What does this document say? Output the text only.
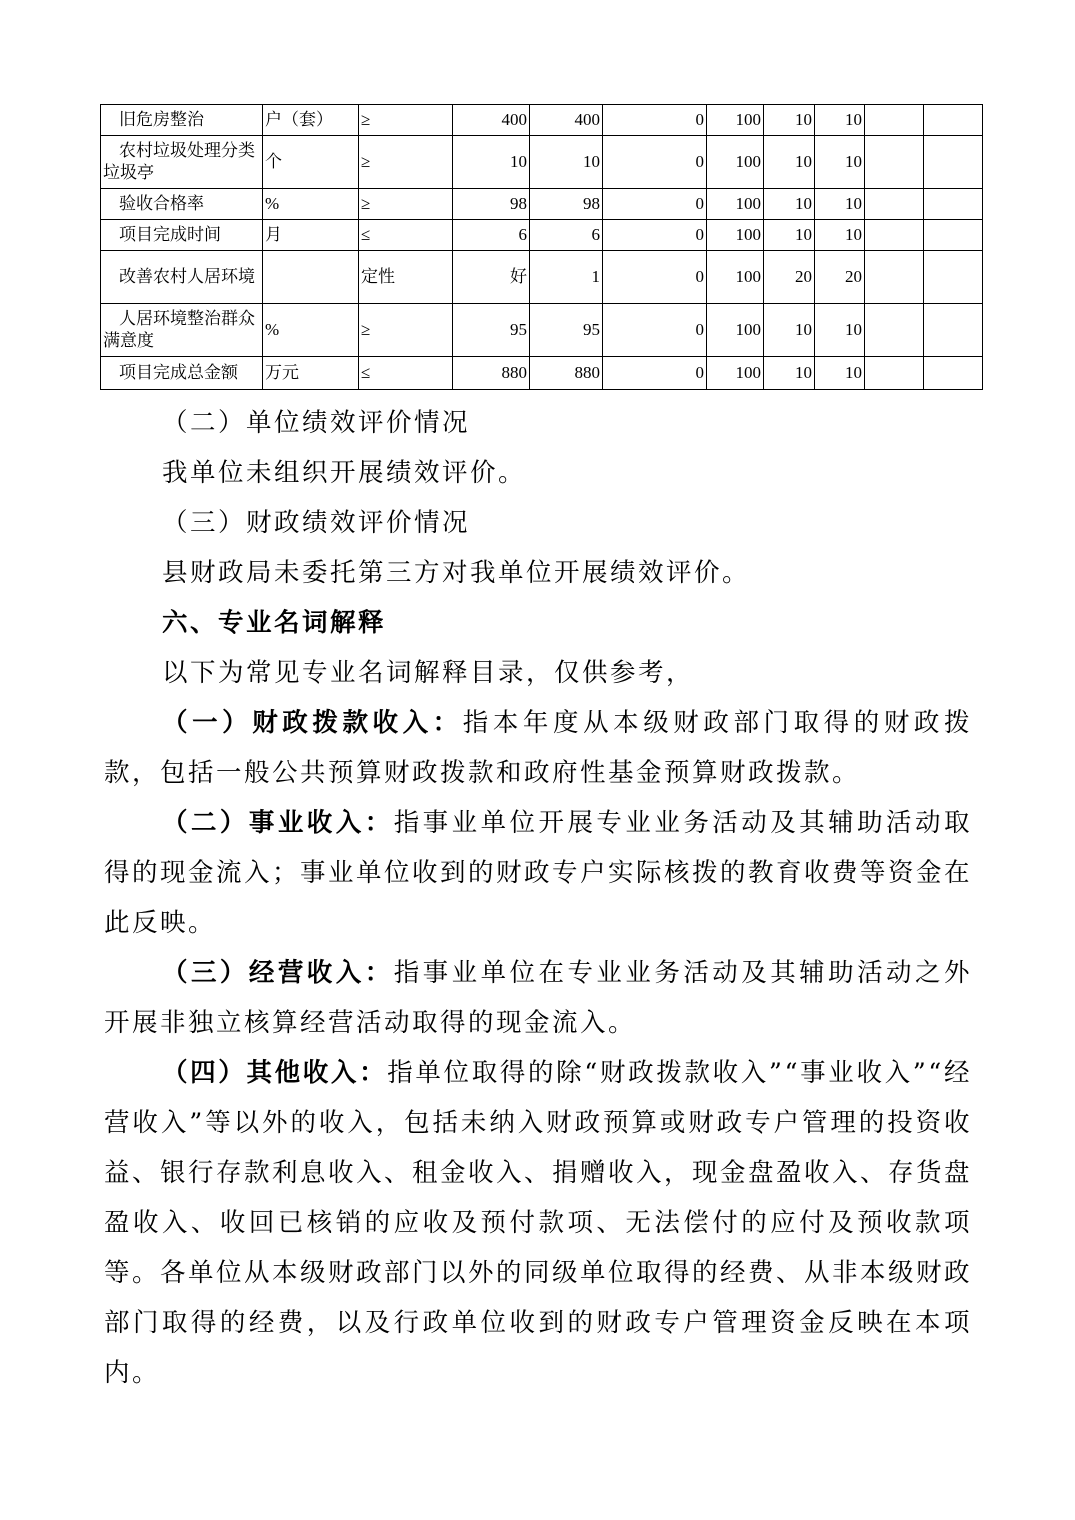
旧危房整治	户（套）	≥	400	400	0	100	10	10		
农村垃圾处理分类垃圾亭	个	≥	10	10	0	100	10	10		
验收合格率	%	≥	98	98	0	100	10	10		
项目完成时间	月	≤	6	6	0	100	10	10		
改善农村人居环境		定性	好	1	0	100	20	20		
人居环境整治群众满意度	%	≥	95	95	0	100	10	10		
项目完成总金额	万元	≤	880	880	0	100	10	10		

（二）单位绩效评价情况

我单位未组织开展绩效评价。

（三）财政绩效评价情况

县财政局未委托第三方对我单位开展绩效评价。

六、专业名词解释

以下为常见专业名词解释目录，仅供参考，

（一）财政拨款收入：指本年度从本级财政部门取得的财政拨款，包括一般公共预算财政拨款和政府性基金预算财政拨款。

（二）事业收入：指事业单位开展专业业务活动及其辅助活动取得的现金流入；事业单位收到的财政专户实际核拨的教育收费等资金在此反映。

（三）经营收入：指事业单位在专业业务活动及其辅助活动之外开展非独立核算经营活动取得的现金流入。

（四）其他收入：指单位取得的除“财政拨款收入”“事业收入”“经营收入”等以外的收入，包括未纳入财政预算或财政专户管理的投资收益、银行存款利息收入、租金收入、捐赠收入，现金盘盈收入、存货盘盈收入、收回已核销的应收及预付款项、无法偿付的应付及预收款项等。各单位从本级财政部门以外的同级单位取得的经费、从非本级财政部门取得的经费，以及行政单位收到的财政专户管理资金反映在本项内。
